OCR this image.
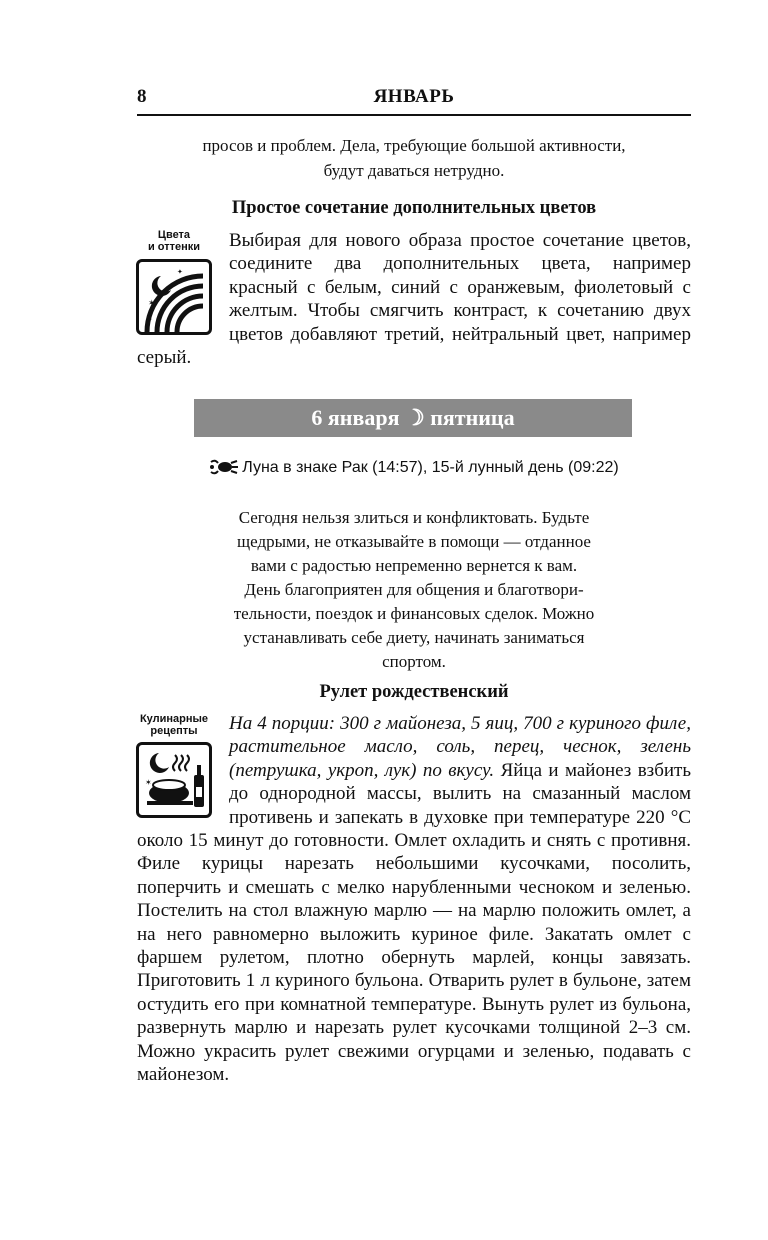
8	ЯНВАРЬ
просов и проблем. Дела, требующие большой активности,
будут даваться нетрудно.
Простое сочетание дополнительных цветов
Цвета
и оттенки
✶
✦
✦
Выбирая для нового образа простое сочетание цветов, соедините два дополнительных цвета, например красный с белым, синий с оранжевым, фиолетовый с желтым. Чтобы смягчить контраст, к сочетанию двух цветов добавляют третий, нейтральный цвет, например серый.
6 января ☽ пятница
Луна в знаке Рак (14:57), 15-й лунный день (09:22)
Сегодня нельзя злиться и конфликтовать. Будьте
щедрыми, не отказывайте в помощи — отданное
вами с радостью непременно вернется к вам.
День благоприятен для общения и благотвори-
тельности, поездок и финансовых сделок. Можно
устанавливать себе диету, начинать заниматься
спортом.
Рулет рождественский
Кулинарные
рецепты
✶
На 4 порции: 300 г майонеза, 5 яиц, 700 г куриного филе, растительное масло, соль, перец, чеснок, зелень (петрушка, укроп, лук) по вкусу. Яйца и майонез взбить до однородной массы, вылить на смазанный маслом противень и запекать в духовке при температуре 220 °С около 15 минут до готовности. Омлет охладить и снять с противня. Филе курицы нарезать небольшими кусочками, посолить, поперчить и смешать с мелко нарубленными чесноком и зеленью. Постелить на стол влажную марлю — на марлю положить омлет, а на него равномерно выложить куриное филе. Закатать омлет с фаршем рулетом, плотно обернуть марлей, концы завязать. Приготовить 1 л куриного бульона. Отварить рулет в бульоне, затем остудить его при комнатной температуре. Вынуть рулет из бульона, развернуть марлю и нарезать рулет кусочками толщиной 2–3 см. Можно украсить рулет свежими огурцами и зеленью, подавать с майонезом.
